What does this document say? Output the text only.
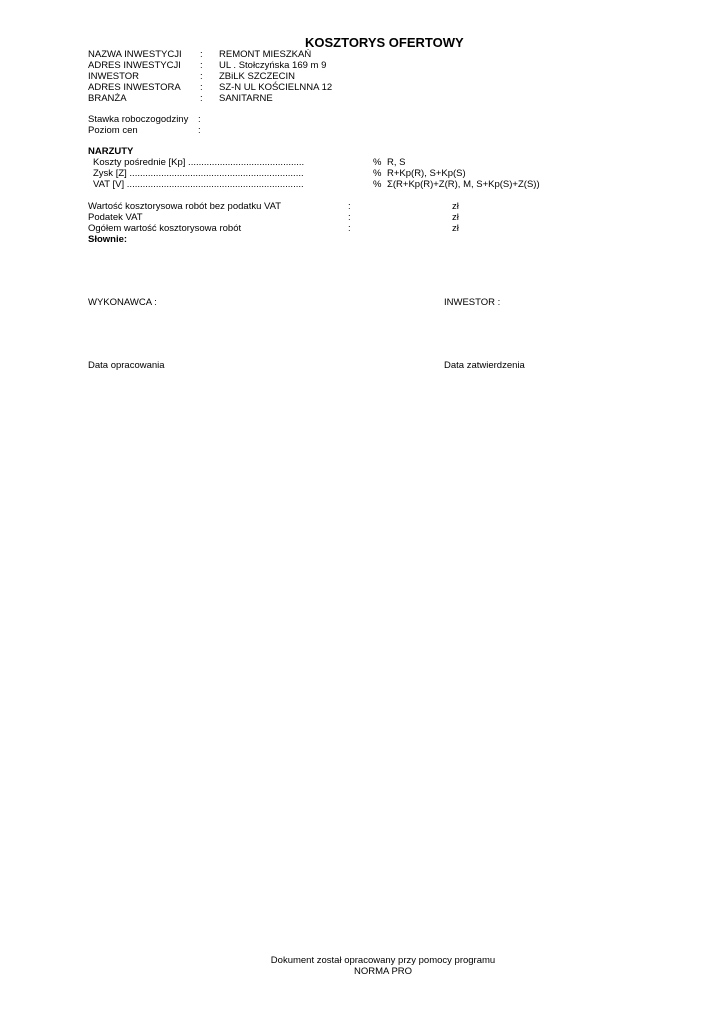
KOSZTORYS OFERTOWY
NAZWA INWESTYCJI : REMONT MIESZKAŃ
ADRES INWESTYCJI : UL . Stołczyńska 169 m 9
INWESTOR	: ZBiLK SZCZECIN
ADRES INWESTORA : SZ-N UL KOŚCIELNNA 12
BRANŻA	: SANITARNE
Stawka roboczogodziny :
Poziom cen	:
NARZUTY
Koszty pośrednie [Kp] ............................................	% R, S
Zysk [Z] ..................................................................	% R+Kp(R), S+Kp(S)
VAT [V] ...................................................................	% Σ(R+Kp(R)+Z(R), M, S+Kp(S)+Z(S))
Wartość kosztorysowa robót bez podatku VAT	:	zł
Podatek VAT	:	zł
Ogółem wartość kosztorysowa robót	:	zł
Słownie:
WYKONAWCA :	INWESTOR :
Data opracowania	Data zatwierdzenia
Dokument został opracowany przy pomocy programu
NORMA PRO
